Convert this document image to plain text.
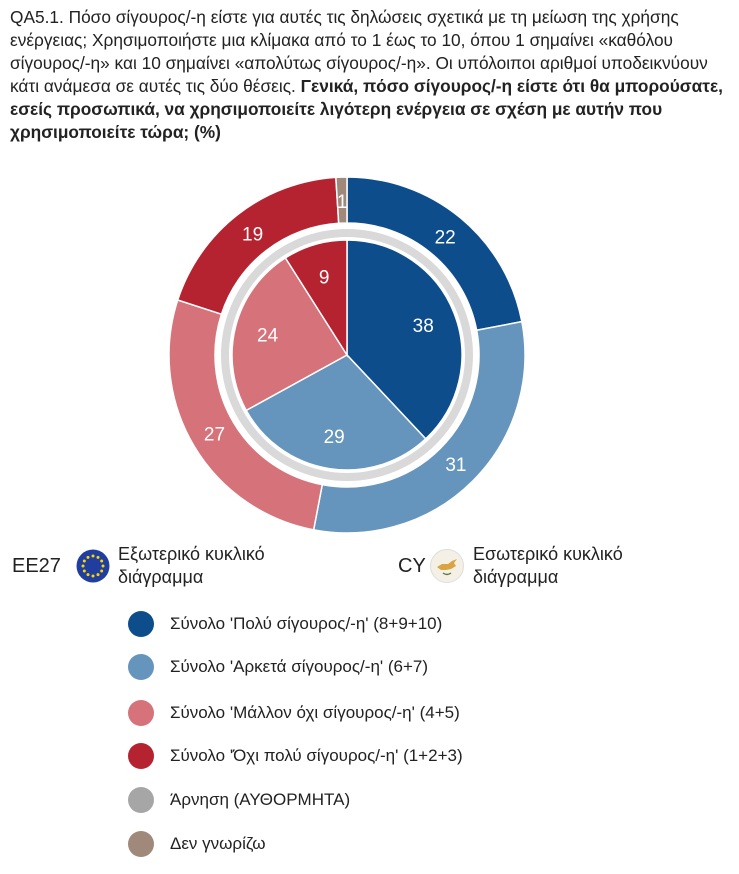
QA5.1. Πόσο σίγουρος/-η είστε για αυτές τις δηλώσεις σχετικά με τη μείωση της χρήσης ενέργειας; Χρησιμοποιήστε μια κλίμακα από το 1 έως το 10, όπου 1 σημαίνει «καθόλου σίγουρος/-η» και 10 σημαίνει «απολύτως σίγουρος/-η». Οι υπόλοιποι αριθμοί υποδεικνύουν κάτι ανάμεσα σε αυτές τις δύο θέσεις. Γενικά, πόσο σίγουρος/-η είστε ότι θα μπορούσατε, εσείς προσωπικά, να χρησιμοποιείτε λιγότερη ενέργεια σε σχέση με αυτήν που χρησιμοποιείτε τώρα; (%)
22
31
27
19
1
38
29
24
9
EE27
Εξωτερικό κυκλικό διάγραμμα	CY
Εσωτερικό κυκλικό διάγραμμα
Σύνολο 'Πολύ σίγουρος/-η' (8+9+10)
Σύνολο 'Αρκετά σίγουρος/-η' (6+7)
Σύνολο 'Μάλλον όχι σίγουρος/-η' (4+5)
Σύνολο 'Όχι πολύ σίγουρος/-η' (1+2+3)
Άρνηση (ΑΥΘΟΡΜΗΤΑ)
Δεν γνωρίζω
